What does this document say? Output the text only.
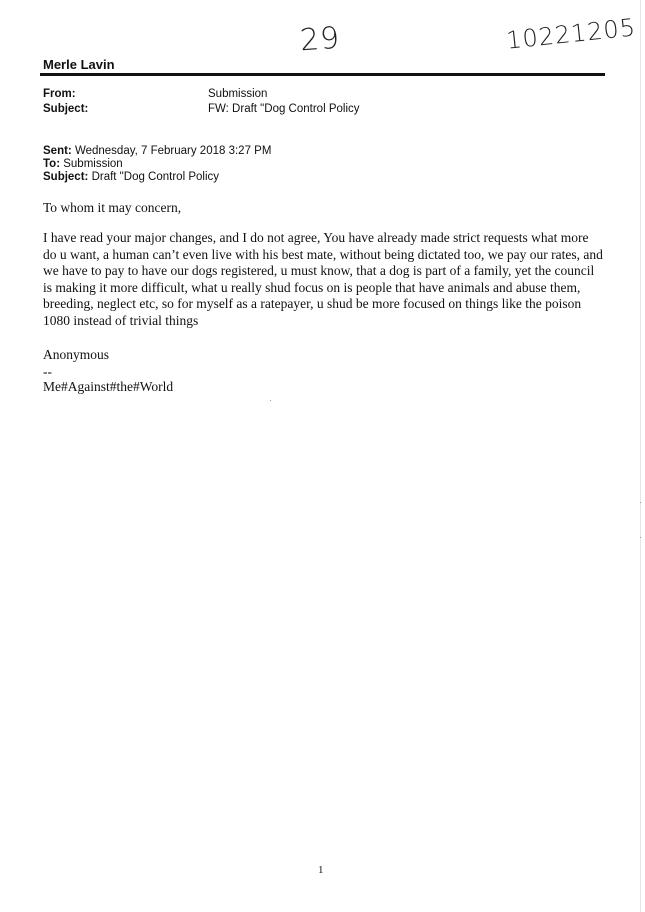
29	10221205
Merle Lavin
From:	Submission
Subject:	FW: Draft "Dog Control Policy
Sent: Wednesday, 7 February 2018 3:27 PM
To: Submission
Subject: Draft "Dog Control Policy
To whom it may concern,
I have read your major changes, and I do not agree, You have already made strict requests what more do u want, a human can’t even live with his best mate, without being dictated too, we pay our rates, and we have to pay to have our dogs registered, u must know, that a dog is part of a family, yet the council is making it more difficult, what u really shud focus on is people that have animals and abuse them, breeding, neglect etc, so for myself as a ratepayer, u shud be more focused on things like the poison 1080 instead of trivial things
Anonymous
--
Me#Against#the#World
1
